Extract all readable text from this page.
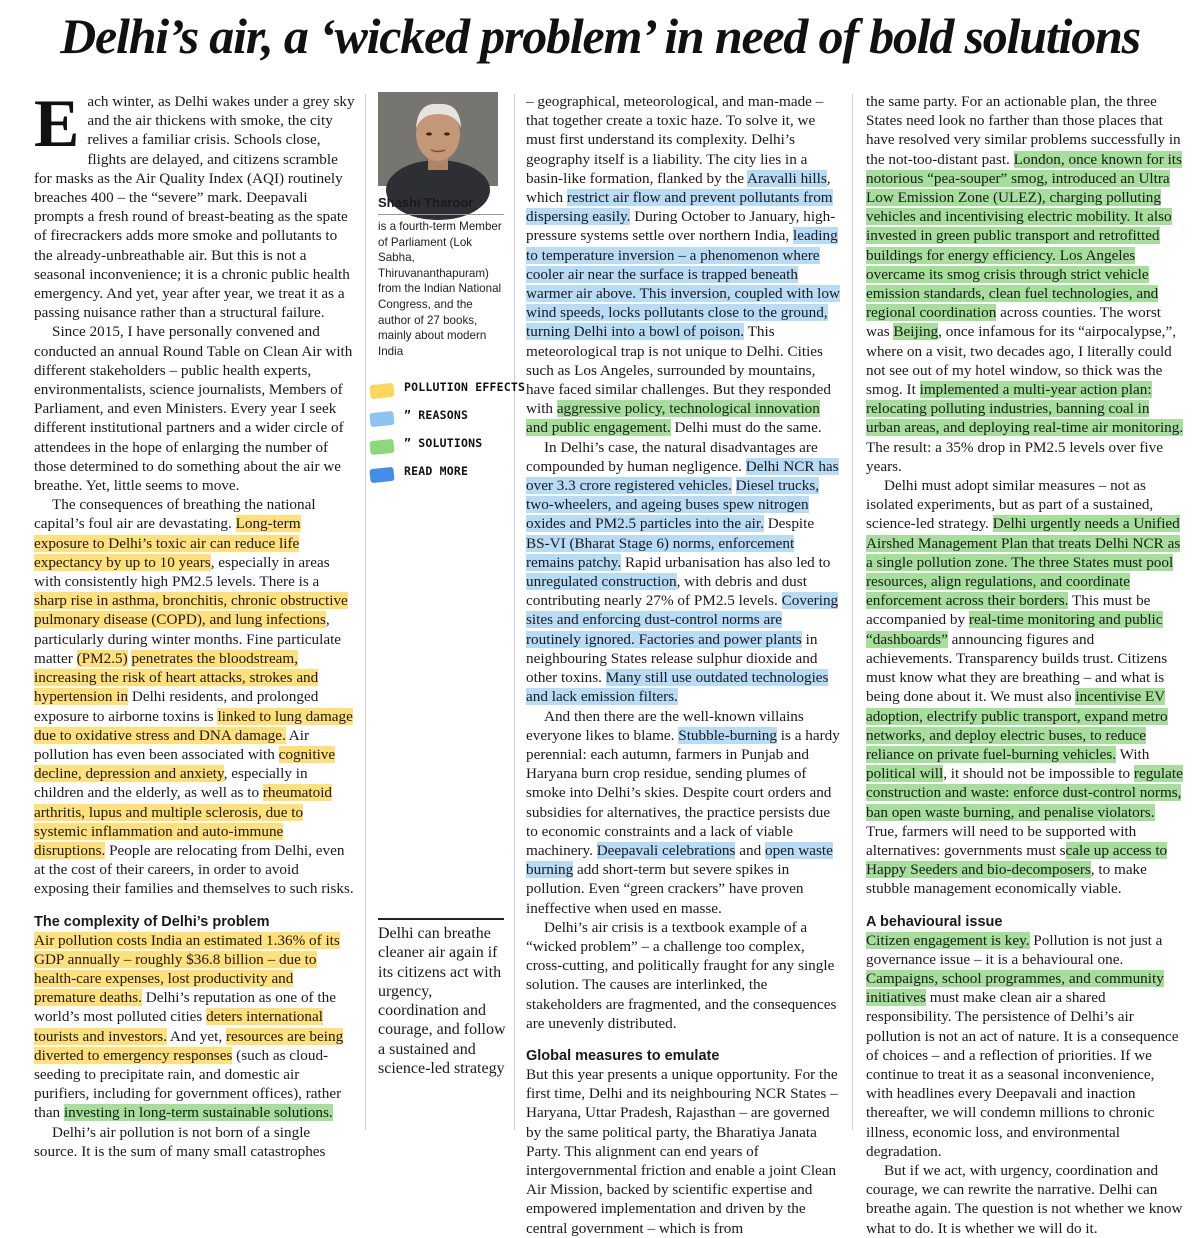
Delhi’s air, a ‘wicked problem’ in need of bold solutions

Each winter, as Delhi wakes under a grey sky and the air thickens with smoke, the city relives a familiar crisis. Schools close, flights are delayed, and citizens scramble for masks as the Air Quality Index (AQI) routinely breaches 400 – the “severe” mark. Deepavali prompts a fresh round of breast-beating as the spate of firecrackers adds more smoke and pollutants to the already-unbreathable air. But this is not a seasonal inconvenience; it is a chronic public health emergency. And yet, year after year, we treat it as a passing nuisance rather than a structural failure.

Since 2015, I have personally convened and conducted an annual Round Table on Clean Air with different stakeholders – public health experts, environmentalists, science journalists, Members of Parliament, and even Ministers. Every year I seek different institutional partners and a wider circle of attendees in the hope of enlarging the number of those determined to do something about the air we breathe. Yet, little seems to move.

The consequences of breathing the national capital’s foul air are devastating. Long-term exposure to Delhi’s toxic air can reduce life expectancy by up to 10 years, especially in areas with consistently high PM2.5 levels. There is a sharp rise in asthma, bronchitis, chronic obstructive pulmonary disease (COPD), and lung infections, particularly during winter months. Fine particulate matter (PM2.5) penetrates the bloodstream, increasing the risk of heart attacks, strokes and hypertension in Delhi residents, and prolonged exposure to airborne toxins is linked to lung damage due to oxidative stress and DNA damage. Air pollution has even been associated with cognitive decline, depression and anxiety, especially in children and the elderly, as well as to rheumatoid arthritis, lupus and multiple sclerosis, due to systemic inflammation and auto-immune disruptions. People are relocating from Delhi, even at the cost of their careers, in order to avoid exposing their families and themselves to such risks.

The complexity of Delhi’s problem

Air pollution costs India an estimated 1.36% of its GDP annually – roughly $36.8 billion – due to health-care expenses, lost productivity and premature deaths. Delhi’s reputation as one of the world’s most polluted cities deters international tourists and investors. And yet, resources are being diverted to emergency responses (such as cloud-seeding to precipitate rain, and domestic air purifiers, including for government offices), rather than investing in long-term sustainable solutions.

Delhi’s air pollution is not born of a single source. It is the sum of many small catastrophes

Shashi Tharoor
is a fourth-term Member of Parliament (Lok Sabha, Thiruvananthapuram) from the Indian National Congress, and the author of 27 books, mainly about modern India
POLLUTION EFFECTS
” REASONS
” SOLUTIONS
READ MORE
Delhi can breathe cleaner air again if its citizens act with urgency, coordination and courage, and follow a sustained and science-led strategy

– geographical, meteorological, and man-made – that together create a toxic haze. To solve it, we must first understand its complexity. Delhi’s geography itself is a liability. The city lies in a basin-like formation, flanked by the Aravalli hills, which restrict air flow and prevent pollutants from dispersing easily. During October to January, high-pressure systems settle over northern India, leading to temperature inversion – a phenomenon where cooler air near the surface is trapped beneath warmer air above. This inversion, coupled with low wind speeds, locks pollutants close to the ground, turning Delhi into a bowl of poison. This meteorological trap is not unique to Delhi. Cities such as Los Angeles, surrounded by mountains, have faced similar challenges. But they responded with aggressive policy, technological innovation and public engagement. Delhi must do the same.

In Delhi’s case, the natural disadvantages are compounded by human negligence. Delhi NCR has over 3.3 crore registered vehicles. Diesel trucks, two-wheelers, and ageing buses spew nitrogen oxides and PM2.5 particles into the air. Despite BS-VI (Bharat Stage 6) norms, enforcement remains patchy. Rapid urbanisation has also led to unregulated construction, with debris and dust contributing nearly 27% of PM2.5 levels. Covering sites and enforcing dust-control norms are routinely ignored. Factories and power plants in neighbouring States release sulphur dioxide and other toxins. Many still use outdated technologies and lack emission filters.

And then there are the well-known villains everyone likes to blame. Stubble-burning is a hardy perennial: each autumn, farmers in Punjab and Haryana burn crop residue, sending plumes of smoke into Delhi’s skies. Despite court orders and subsidies for alternatives, the practice persists due to economic constraints and a lack of viable machinery. Deepavali celebrations and open waste burning add short-term but severe spikes in pollution. Even “green crackers” have proven ineffective when used en masse.

Delhi’s air crisis is a textbook example of a “wicked problem” – a challenge too complex, cross-cutting, and politically fraught for any single solution. The causes are interlinked, the stakeholders are fragmented, and the consequences are unevenly distributed.

Global measures to emulate

But this year presents a unique opportunity. For the first time, Delhi and its neighbouring NCR States – Haryana, Uttar Pradesh, Rajasthan – are governed by the same political party, the Bharatiya Janata Party. This alignment can end years of intergovernmental friction and enable a joint Clean Air Mission, backed by scientific expertise and empowered implementation and driven by the central government – which is from

the same party. For an actionable plan, the three States need look no farther than those places that have resolved very similar problems successfully in the not-too-distant past. London, once known for its notorious “pea-souper” smog, introduced an Ultra Low Emission Zone (ULEZ), charging polluting vehicles and incentivising electric mobility. It also invested in green public transport and retrofitted buildings for energy efficiency. Los Angeles overcame its smog crisis through strict vehicle emission standards, clean fuel technologies, and regional coordination across counties. The worst was Beijing, once infamous for its “airpocalypse,”, where on a visit, two decades ago, I literally could not see out of my hotel window, so thick was the smog. It implemented a multi-year action plan: relocating polluting industries, banning coal in urban areas, and deploying real-time air monitoring. The result: a 35% drop in PM2.5 levels over five years.

Delhi must adopt similar measures – not as isolated experiments, but as part of a sustained, science-led strategy. Delhi urgently needs a Unified Airshed Management Plan that treats Delhi NCR as a single pollution zone. The three States must pool resources, align regulations, and coordinate enforcement across their borders. This must be accompanied by real-time monitoring and public “dashboards” announcing figures and achievements. Transparency builds trust. Citizens must know what they are breathing – and what is being done about it. We must also incentivise EV adoption, electrify public transport, expand metro networks, and deploy electric buses, to reduce reliance on private fuel-burning vehicles. With political will, it should not be impossible to regulate construction and waste: enforce dust-control norms, ban open waste burning, and penalise violators. True, farmers will need to be supported with alternatives: governments must scale up access to Happy Seeders and bio-decomposers, to make stubble management economically viable.

A behavioural issue

Citizen engagement is key. Pollution is not just a governance issue – it is a behavioural one. Campaigns, school programmes, and community initiatives must make clean air a shared responsibility. The persistence of Delhi’s air pollution is not an act of nature. It is a consequence of choices – and a reflection of priorities. If we continue to treat it as a seasonal inconvenience, with headlines every Deepavali and inaction thereafter, we will condemn millions to chronic illness, economic loss, and environmental degradation.

But if we act, with urgency, coordination and courage, we can rewrite the narrative. Delhi can breathe again. The question is not whether we know what to do. It is whether we will do it.
